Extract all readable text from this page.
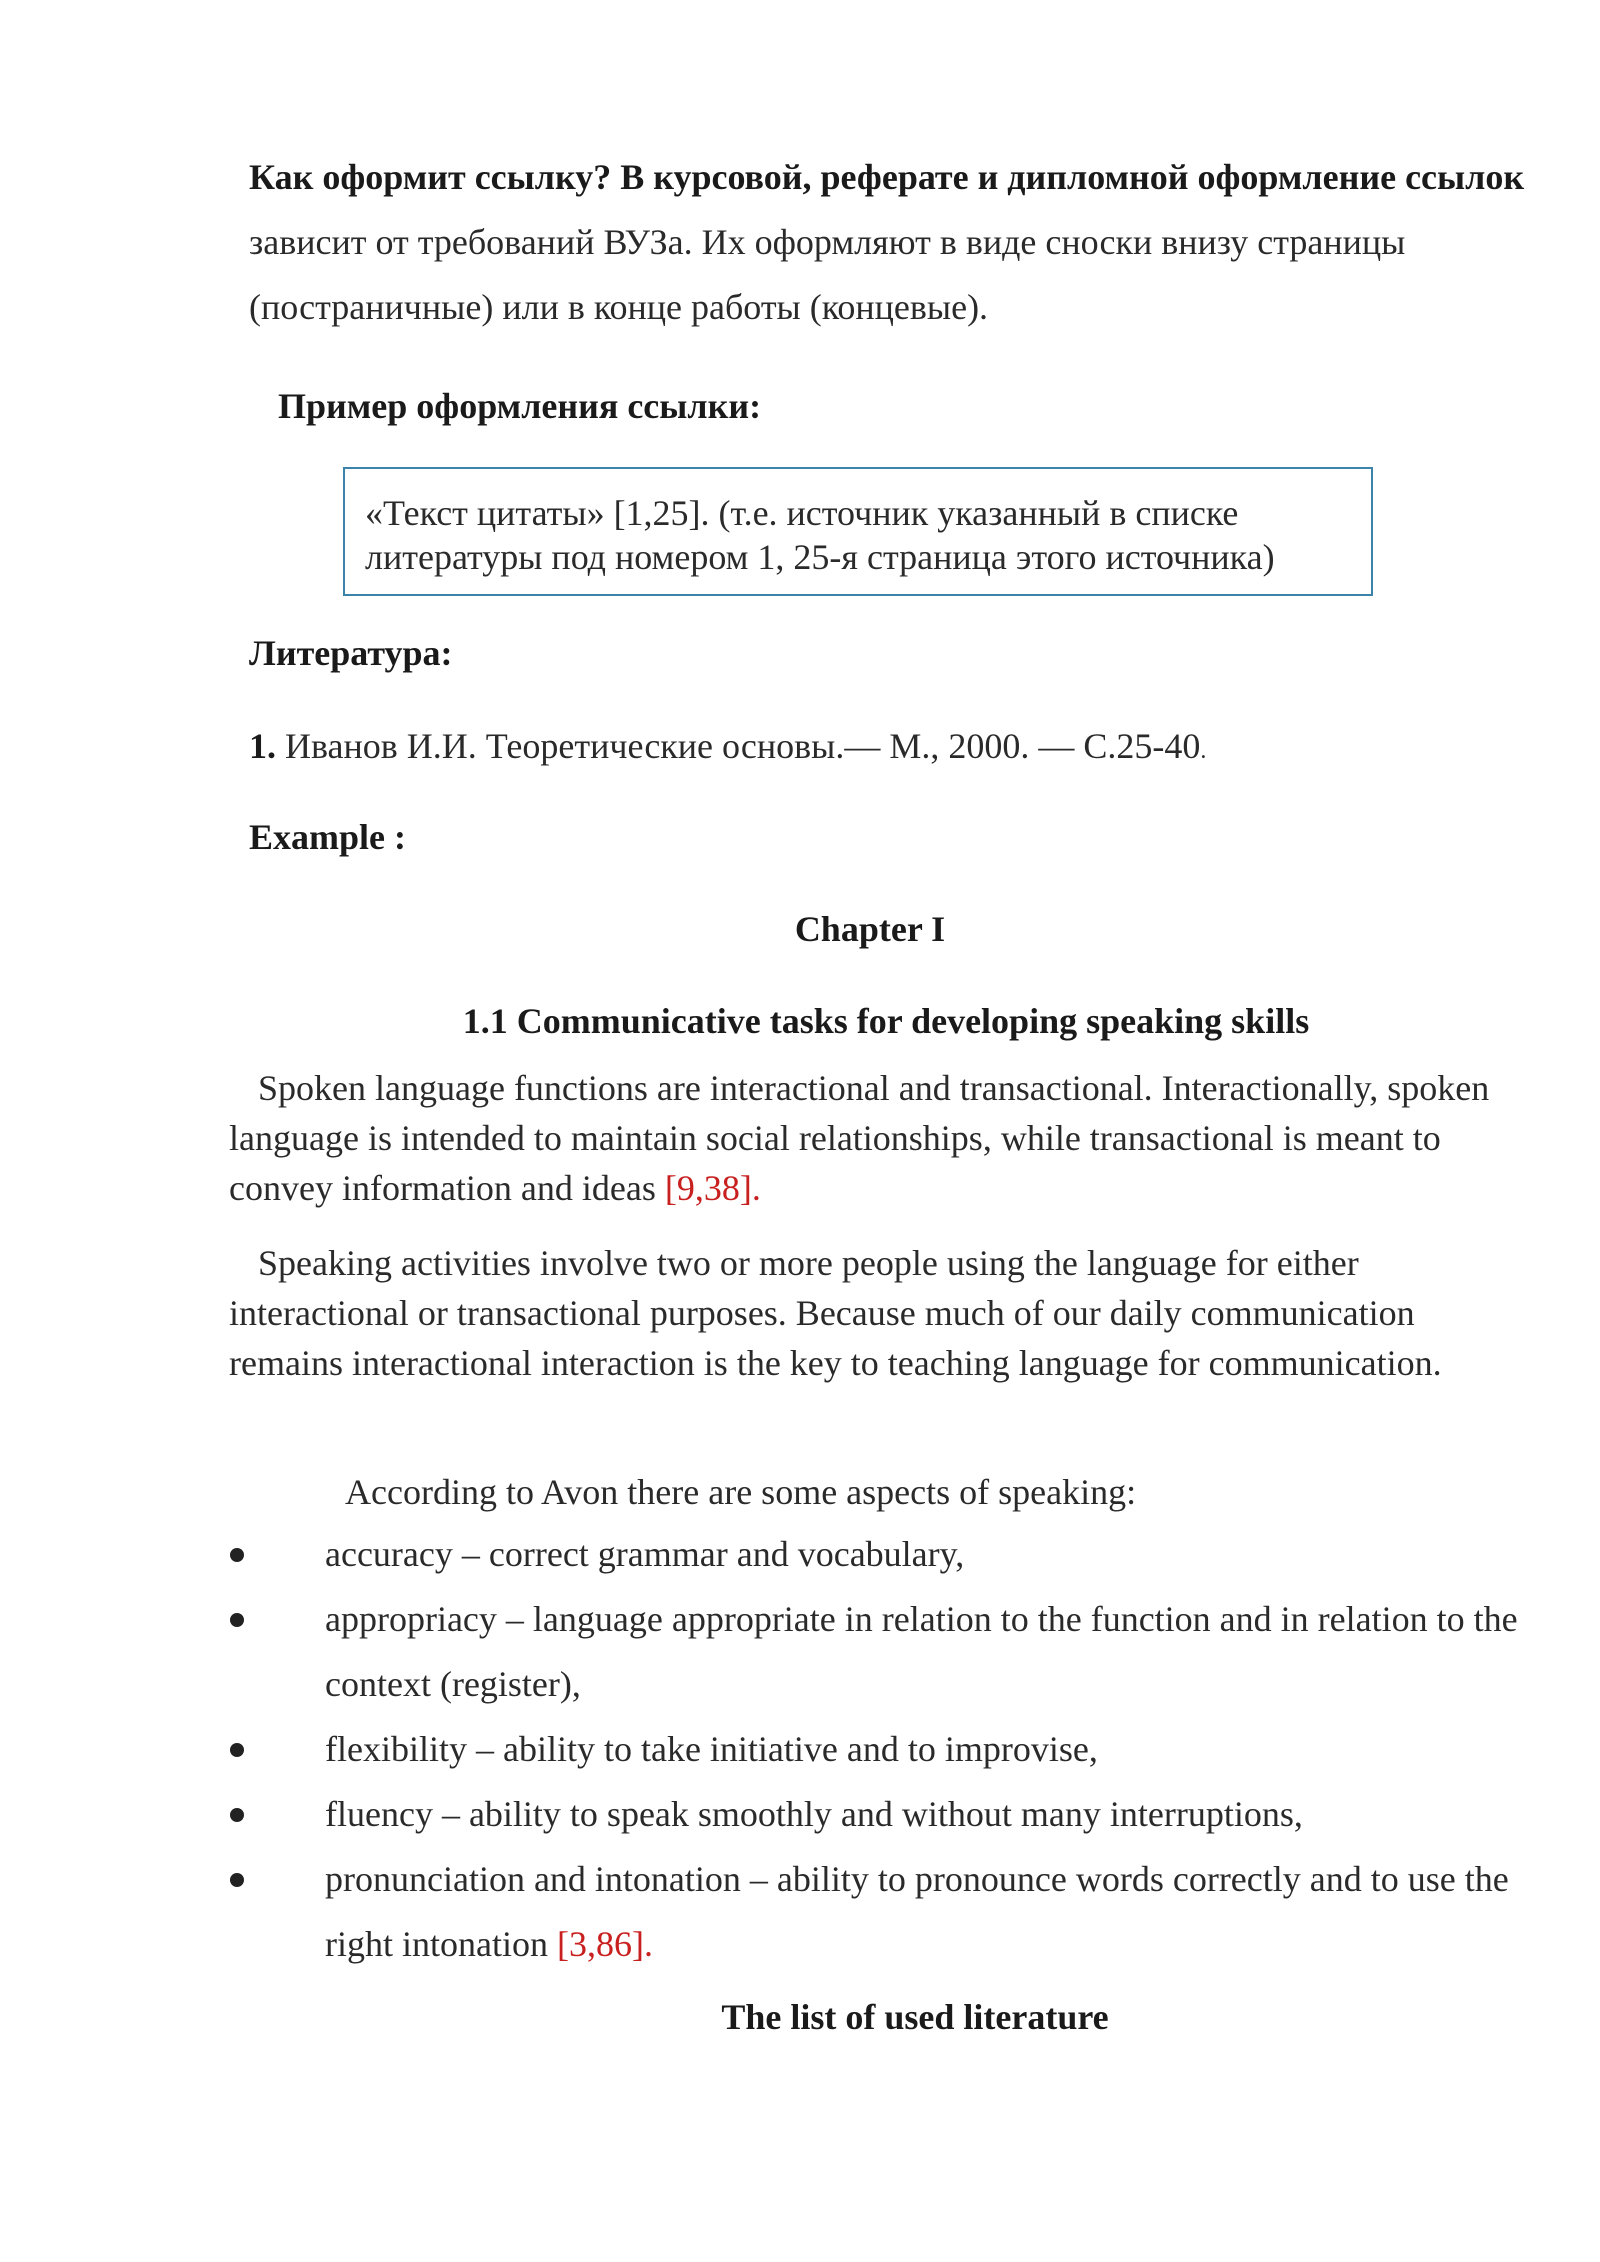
Как оформит ссылку? В курсовой, реферате и дипломной оформление ссылок зависит от требований ВУЗа. Их оформляют в виде сноски внизу страницы (постраничные) или в конце работы (концевые).
Пример оформления ссылки:
«Текст цитаты» [1,25]. (т.е. источник указанный в списке
литературы под номером 1, 25-я страница этого источника)
Литература:
1. Иванов И.И. Теоретические основы.— М., 2000. — С.25-40.
Example :
Chapter I
1.1 Communicative tasks for developing speaking skills
Spoken language functions are interactional and transactional. Interactionally, spoken language is intended to maintain social relationships, while transactional is meant to convey information and ideas [9,38].
Speaking activities involve two or more people using the language for either interactional or transactional purposes. Because much of our daily communication remains interactional interaction is the key to teaching language for communication.
According to Avon there are some aspects of speaking:
accuracy – correct grammar and vocabulary,
appropriacy – language appropriate in relation to the function and in relation to the context (register),
flexibility – ability to take initiative and to improvise,
fluency – ability to speak smoothly and without many interruptions,
pronunciation and intonation – ability to pronounce words correctly and to use the right intonation [3,86].
The list of used literature
